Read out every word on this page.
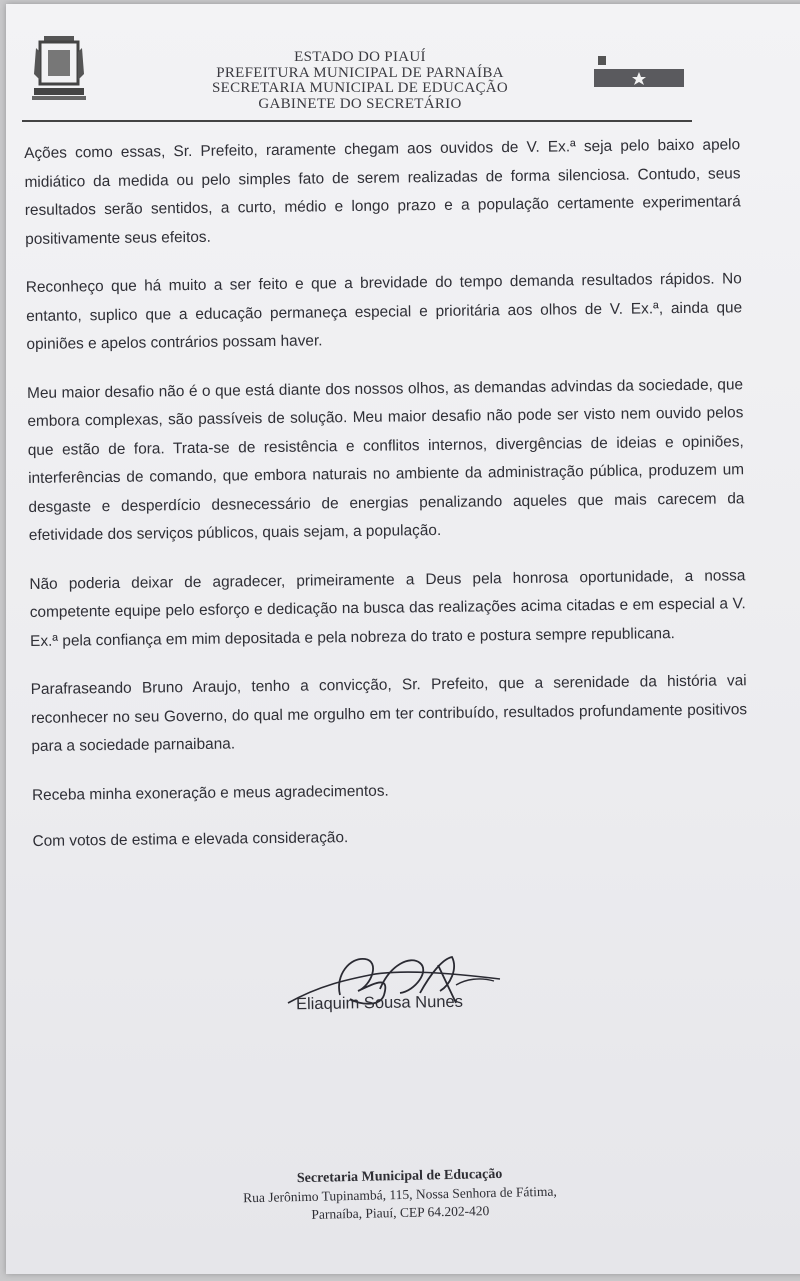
ESTADO DO PIAUÍ
PREFEITURA MUNICIPAL DE PARNAÍBA
SECRETARIA MUNICIPAL DE EDUCAÇÃO
GABINETE DO SECRETÁRIO

Ações como essas, Sr. Prefeito, raramente chegam aos ouvidos de V. Ex.ª seja pelo baixo apelo midiático da medida ou pelo simples fato de serem realizadas de forma silenciosa. Contudo, seus resultados serão sentidos, a curto, médio e longo prazo e a população certamente experimentará positivamente seus efeitos.

Reconheço que há muito a ser feito e que a brevidade do tempo demanda resultados rápidos. No entanto, suplico que a educação permaneça especial e prioritária aos olhos de V. Ex.ª, ainda que opiniões e apelos contrários possam haver.

Meu maior desafio não é o que está diante dos nossos olhos, as demandas advindas da sociedade, que embora complexas, são passíveis de solução. Meu maior desafio não pode ser visto nem ouvido pelos que estão de fora. Trata-se de resistência e conflitos internos, divergências de ideias e opiniões, interferências de comando, que embora naturais no ambiente da administração pública, produzem um desgaste e desperdício desnecessário de energias penalizando aqueles que mais carecem da efetividade dos serviços públicos, quais sejam, a população.

Não poderia deixar de agradecer, primeiramente a Deus pela honrosa oportunidade, a nossa competente equipe pelo esforço e dedicação na busca das realizações acima citadas e em especial a V. Ex.ª pela confiança em mim depositada e pela nobreza do trato e postura sempre republicana.

Parafraseando Bruno Araujo, tenho a convicção, Sr. Prefeito, que a serenidade da história vai reconhecer no seu Governo, do qual me orgulho em ter contribuído, resultados profundamente positivos para a sociedade parnaibana.

Receba minha exoneração e meus agradecimentos.

Com votos de estima e elevada consideração.

Eliaquim Sousa Nunes
Secretaria Municipal de Educação
Rua Jerônimo Tupinambá, 115, Nossa Senhora de Fátima,
Parnaíba, Piauí, CEP 64.202-420
